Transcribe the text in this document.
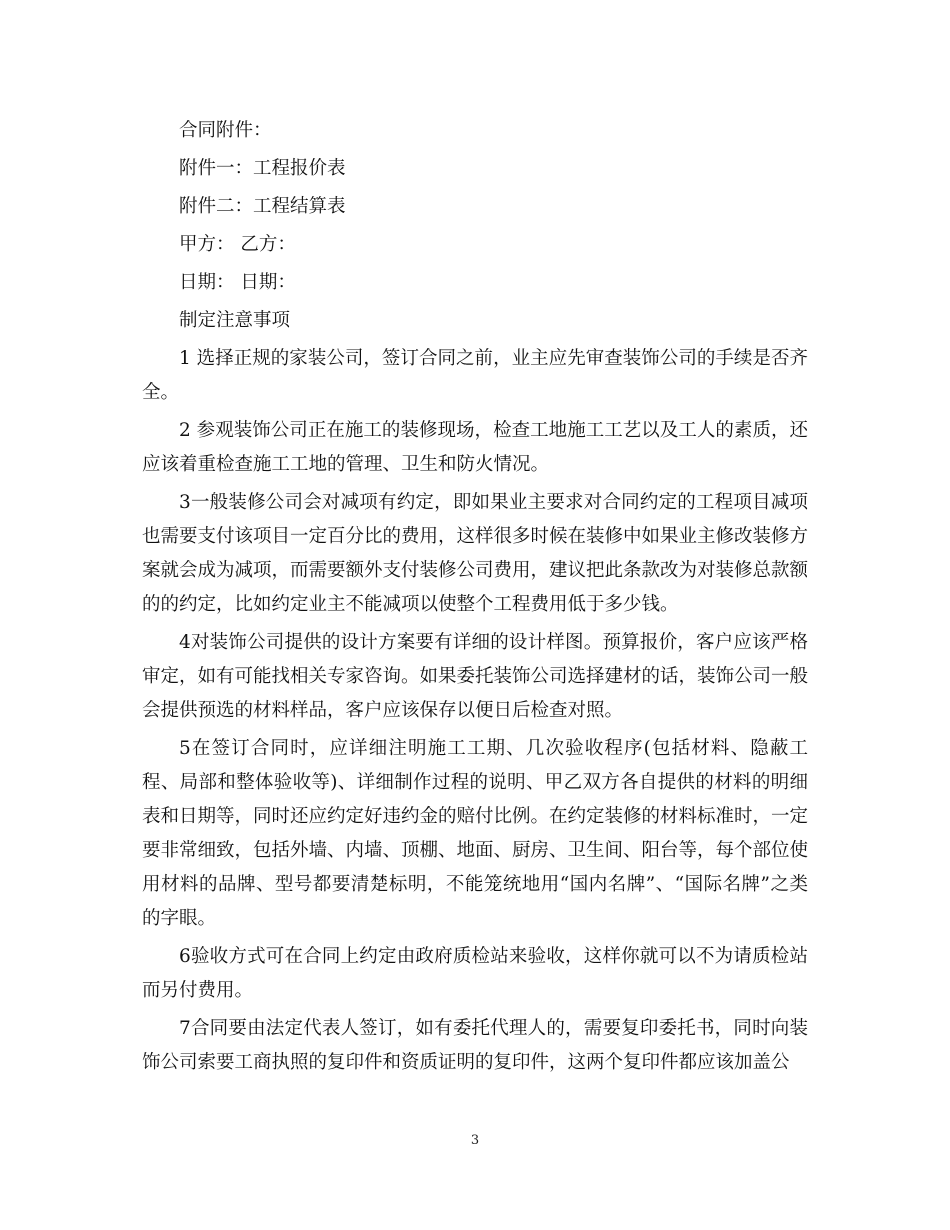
合同附件：

附件一：工程报价表

附件二：工程结算表

甲方： 乙方：

日期： 日期：

制定注意事项

1 选择正规的家装公司，签订合同之前，业主应先审查装饰公司的手续是否齐全。

2 参观装饰公司正在施工的装修现场，检查工地施工工艺以及工人的素质，还应该着重检查施工工地的管理、卫生和防火情况。

3一般装修公司会对减项有约定，即如果业主要求对合同约定的工程项目减项也需要支付该项目一定百分比的费用，这样很多时候在装修中如果业主修改装修方案就会成为减项，而需要额外支付装修公司费用，建议把此条款改为对装修总款额的的约定，比如约定业主不能减项以使整个工程费用低于多少钱。

4对装饰公司提供的设计方案要有详细的设计样图。预算报价，客户应该严格审定，如有可能找相关专家咨询。如果委托装饰公司选择建材的话，装饰公司一般会提供预选的材料样品，客户应该保存以便日后检查对照。

5在签订合同时，应详细注明施工工期、几次验收程序(包括材料、隐蔽工程、局部和整体验收等)、详细制作过程的说明、甲乙双方各自提供的材料的明细表和日期等，同时还应约定好违约金的赔付比例。在约定装修的材料标准时，一定要非常细致，包括外墙、内墙、顶棚、地面、厨房、卫生间、阳台等，每个部位使用材料的品牌、型号都要清楚标明，不能笼统地用“国内名牌”、“国际名牌”之类的字眼。

6验收方式可在合同上约定由政府质检站来验收，这样你就可以不为请质检站而另付费用。

7合同要由法定代表人签订，如有委托代理人的，需要复印委托书，同时向装饰公司索要工商执照的复印件和资质证明的复印件，这两个复印件都应该加盖公

3
